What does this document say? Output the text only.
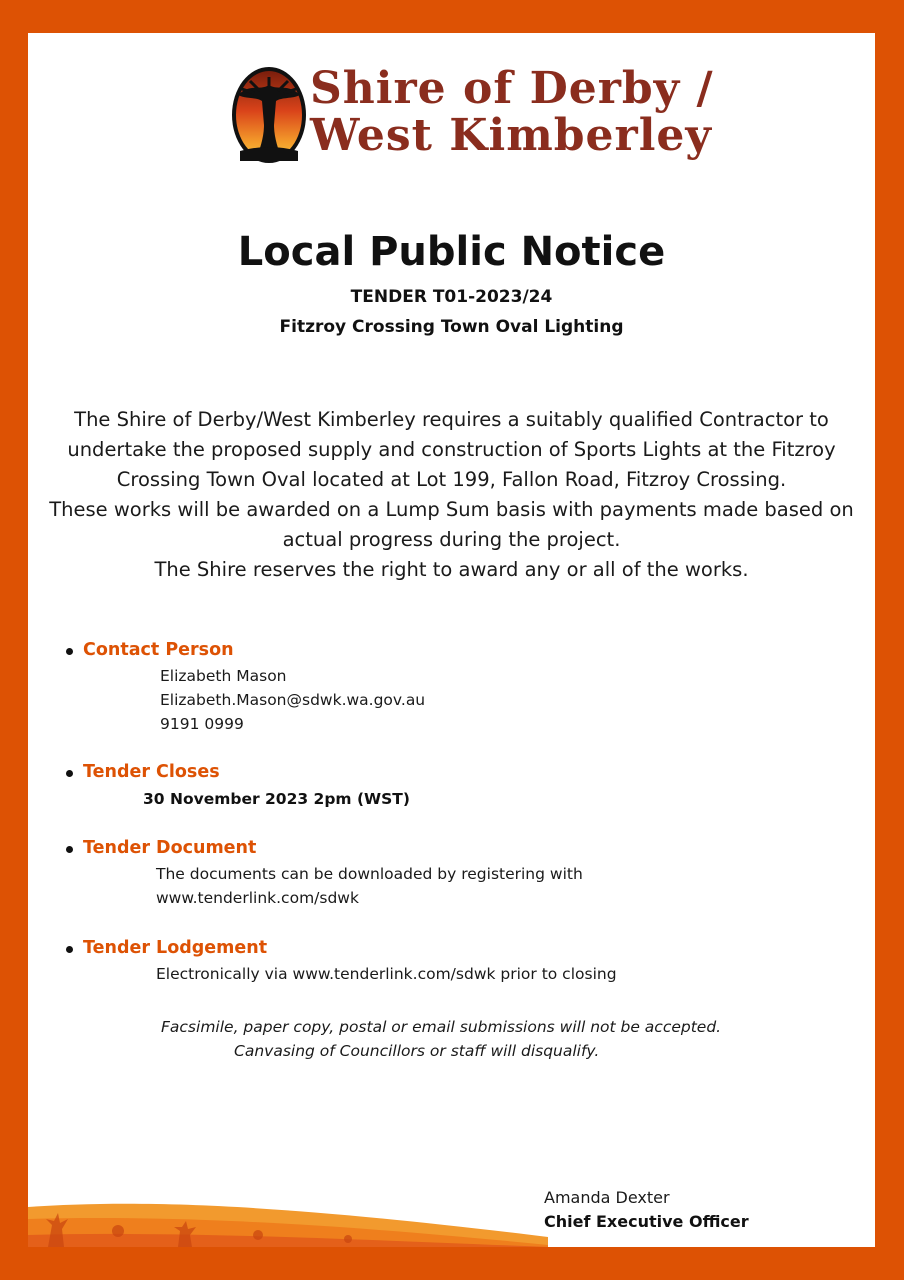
Shire of Derby /
West Kimberley
Local Public Notice
TENDER T01-2023/24
Fitzroy Crossing Town Oval Lighting

The Shire of Derby/West Kimberley requires a suitably qualified Contractor to undertake the proposed supply and construction of Sports Lights at the Fitzroy Crossing Town Oval located at Lot 199, Fallon Road, Fitzroy Crossing.

These works will be awarded on a Lump Sum basis with payments made based on actual progress during the project.

The Shire reserves the right to award any or all of the works.

Contact Person
Elizabeth Mason
Elizabeth.Mason@sdwk.wa.gov.au
9191 0999
Tender Closes
30 November 2023 2pm (WST)
Tender Document
The documents can be downloaded by registering with
www.tenderlink.com/sdwk
Tender Lodgement
Electronically via www.tenderlink.com/sdwk prior to closing
Facsimile, paper copy, postal or email submissions will not be accepted.
Canvasing of Councillors or staff will disqualify.
Amanda Dexter
Chief Executive Officer
